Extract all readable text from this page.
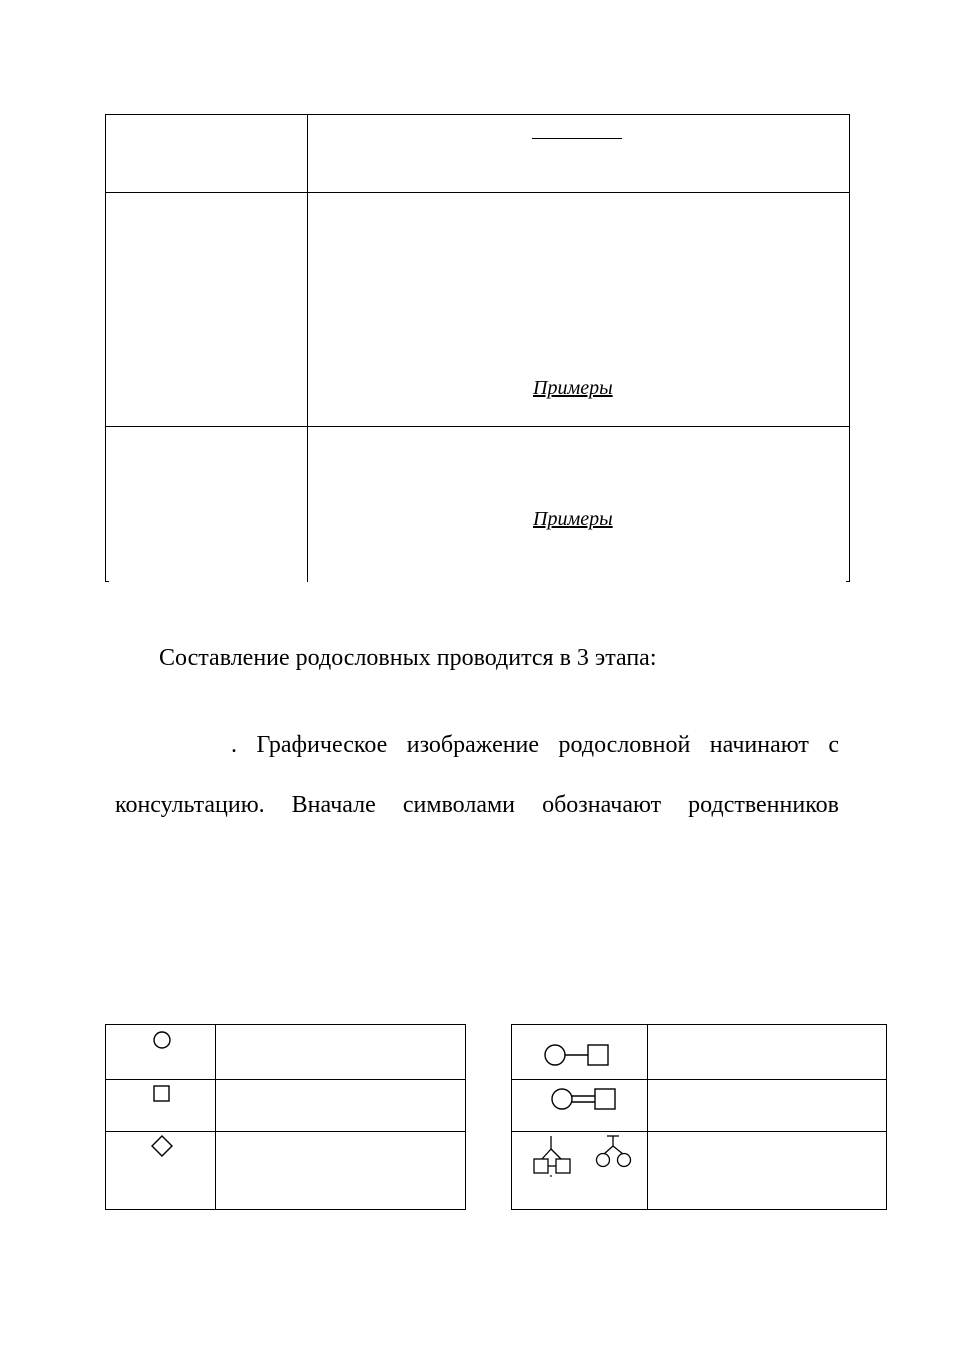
Примеры
Примеры
Составление родословных проводится в 3 этапа:
. Графическое изображение родословной начинают с
консультацию. Вначале символами обозначают родственников
